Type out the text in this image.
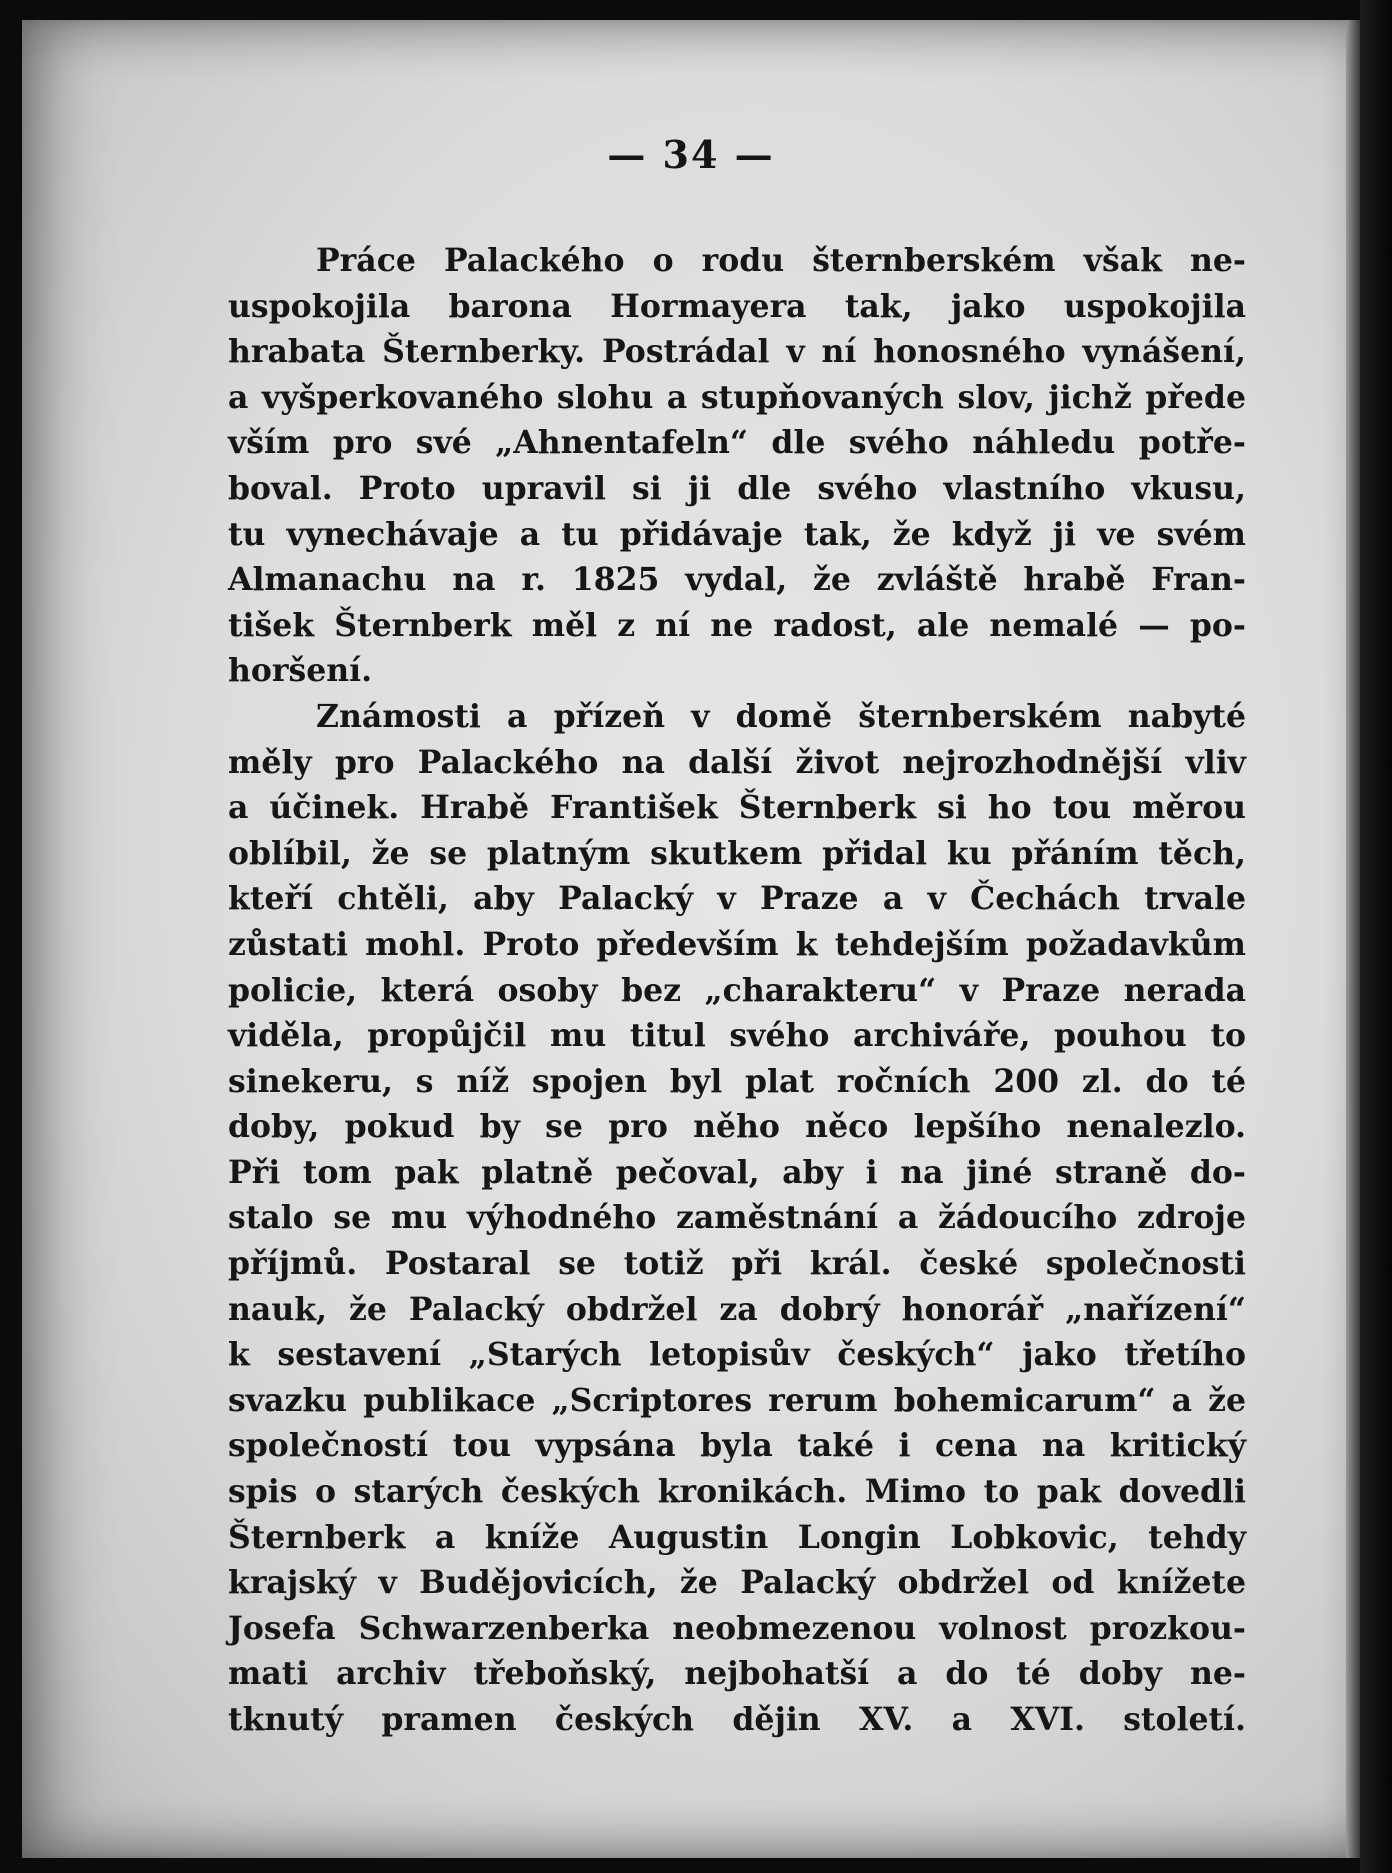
— 34 —
Práce Palackého o rodu šternberském však ne-
uspokojila barona Hormayera tak, jako uspokojila
hrabata Šternberky. Postrádal v ní honosného vynášení,
a vyšperkovaného slohu a stupňovaných slov, jichž přede
vším pro své „Ahnentafeln“ dle svého náhledu potře-
boval. Proto upravil si ji dle svého vlastního vkusu,
tu vynechávaje a tu přidávaje tak, že když ji ve svém
Almanachu na r. 1825 vydal, že zvláště hrabě Fran-
tišek Šternberk měl z ní ne radost, ale nemalé — po-
horšení.
Známosti a přízeň v domě šternberském nabyté
měly pro Palackého na další život nejrozhodnější vliv
a účinek. Hrabě František Šternberk si ho tou měrou
oblíbil, že se platným skutkem přidal ku přáním těch,
kteří chtěli, aby Palacký v Praze a v Čechách trvale
zůstati mohl. Proto především k tehdejším požadavkům
policie, která osoby bez „charakteru“ v Praze nerada
viděla, propůjčil mu titul svého archiváře, pouhou to
sinekeru, s níž spojen byl plat ročních 200 zl. do té
doby, pokud by se pro něho něco lepšího nenalezlo.
Při tom pak platně pečoval, aby i na jiné straně do-
stalo se mu výhodného zaměstnání a žádoucího zdroje
příjmů. Postaral se totiž při král. české společnosti
nauk, že Palacký obdržel za dobrý honorář „nařízení“
k sestavení „Starých letopisův českých“ jako třetího
svazku publikace „Scriptores rerum bohemicarum“ a že
společností tou vypsána byla také i cena na kritický
spis o starých českých kronikách. Mimo to pak dovedli
Šternberk a kníže Augustin Longin Lobkovic, tehdy
krajský v Budějovicích, že Palacký obdržel od knížete
Josefa Schwarzenberka neobmezenou volnost prozkou-
mati archiv třeboňský, nejbohatší a do té doby ne-
tknutý pramen českých dějin XV. a XVI. století.
